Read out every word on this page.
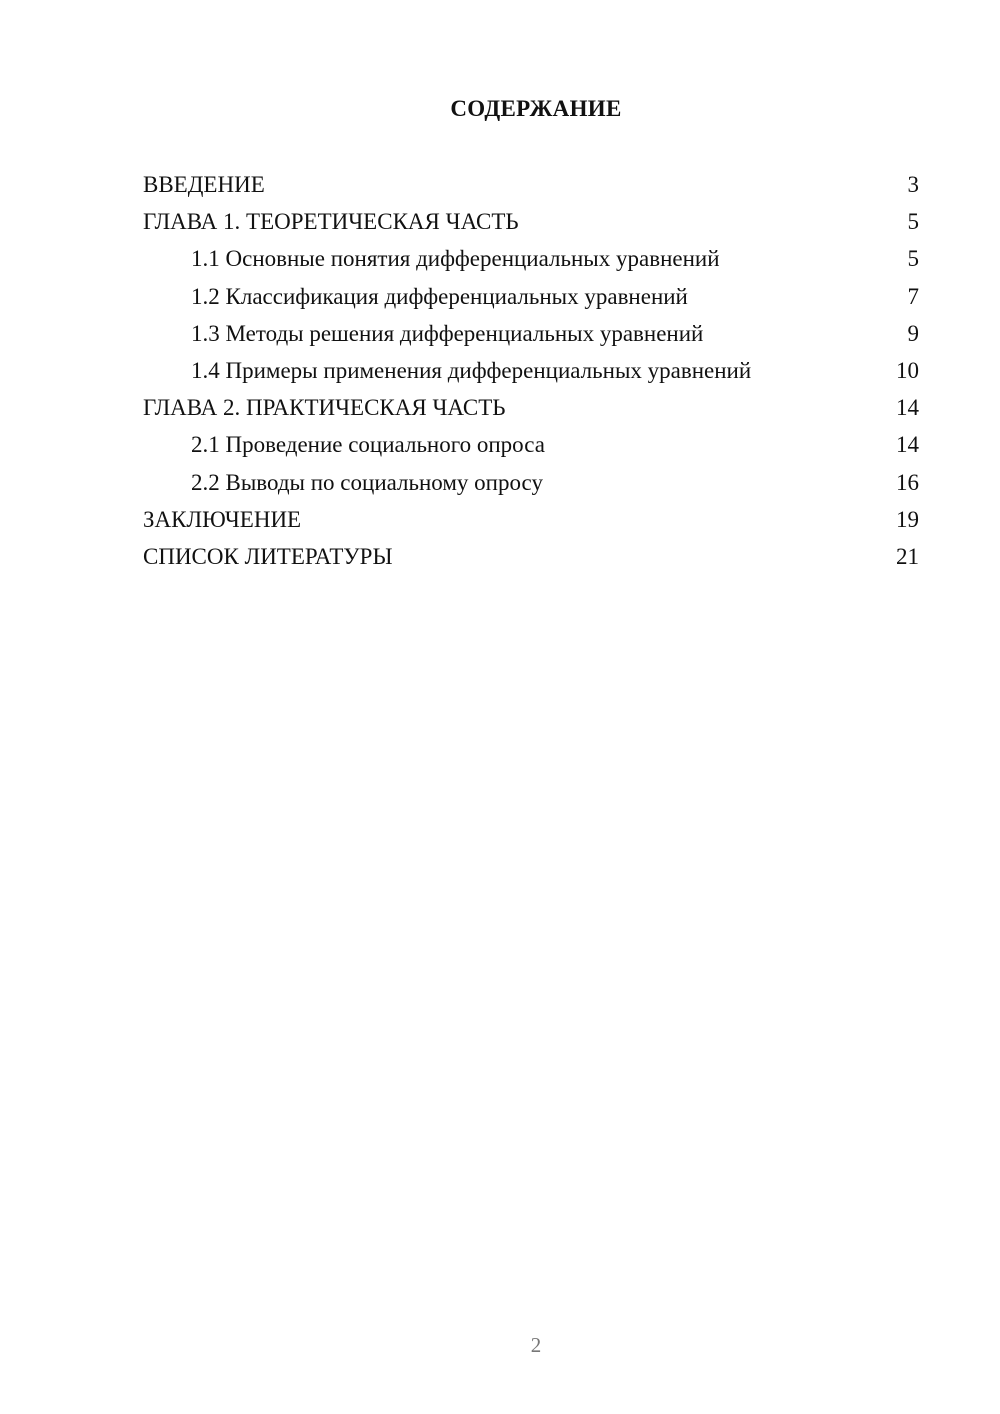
СОДЕРЖАНИЕ
ВВЕДЕНИЕ	3
ГЛАВА 1. ТЕОРЕТИЧЕСКАЯ ЧАСТЬ	5
1.1 Основные понятия дифференциальных уравнений	5
1.2 Классификация дифференциальных уравнений	7
1.3 Методы решения дифференциальных уравнений	9
1.4 Примеры применения дифференциальных уравнений	10
ГЛАВА 2. ПРАКТИЧЕСКАЯ ЧАСТЬ	14
2.1 Проведение социального опроса	14
2.2 Выводы по социальному опросу	16
ЗАКЛЮЧЕНИЕ	19
СПИСОК ЛИТЕРАТУРЫ	21
2
